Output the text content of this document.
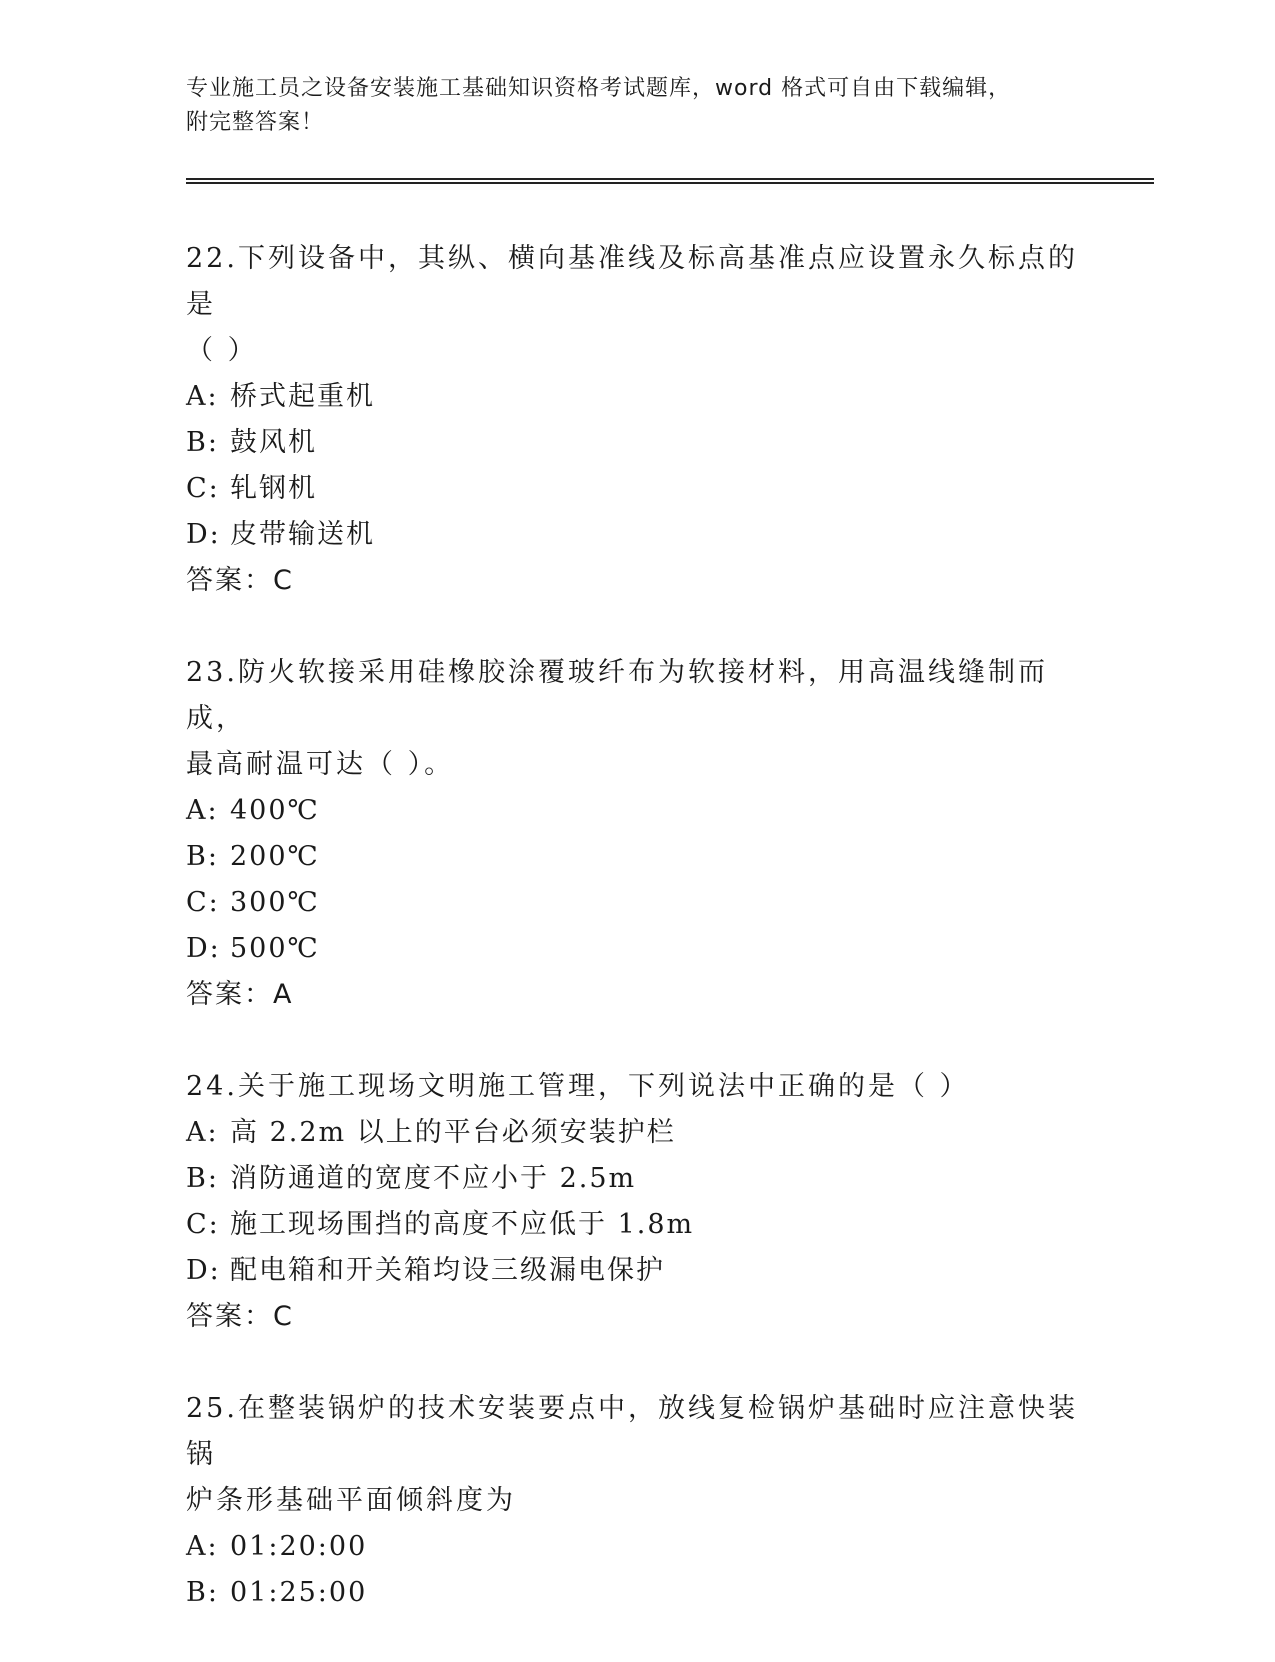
专业施工员之设备安装施工基础知识资格考试题库，word 格式可自由下载编辑，
附完整答案！

22.下列设备中，其纵、横向基准线及标高基准点应设置永久标点的是

（ ）

A: 桥式起重机

B: 鼓风机

C: 轧钢机

D: 皮带输送机

答案：C

23.防火软接采用硅橡胶涂覆玻纤布为软接材料，用高温线缝制而成，

最高耐温可达（ ）。

A: 400℃

B: 200℃

C: 300℃

D: 500℃

答案：A

24.关于施工现场文明施工管理，下列说法中正确的是（ ）

A: 高 2.2m 以上的平台必须安装护栏

B: 消防通道的宽度不应小于 2.5m

C: 施工现场围挡的高度不应低于 1.8m

D: 配电箱和开关箱均设三级漏电保护

答案：C

25.在整装锅炉的技术安装要点中，放线复检锅炉基础时应注意快装锅

炉条形基础平面倾斜度为

A: 01:20:00

B: 01:25:00
